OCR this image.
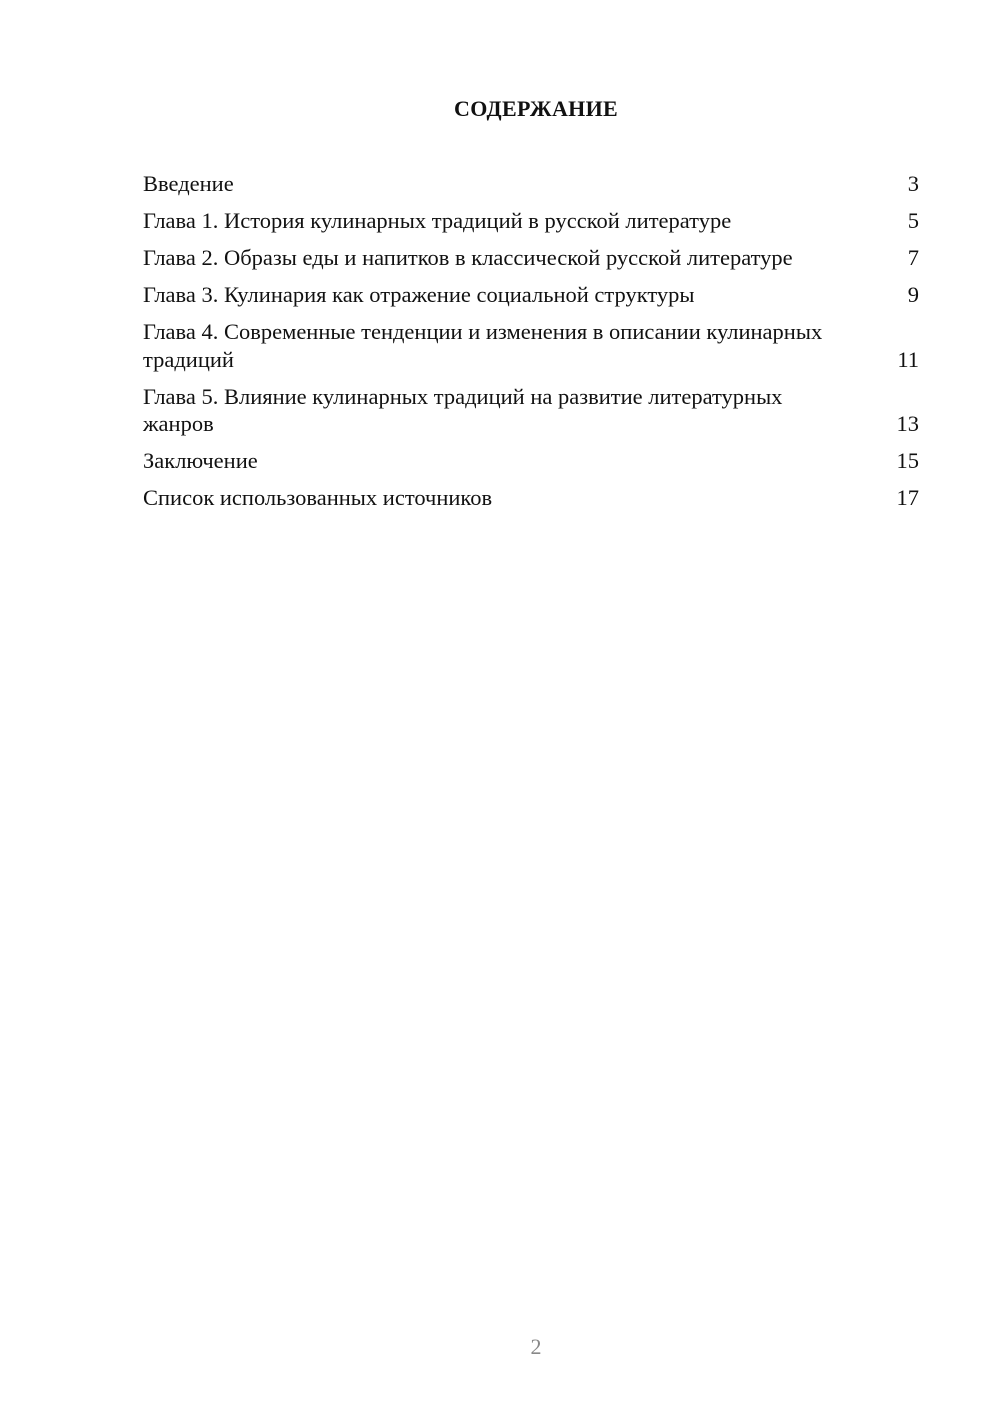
СОДЕРЖАНИЕ
Введение	3
Глава 1. История кулинарных традиций в русской литературе	5
Глава 2. Образы еды и напитков в классической русской литературе	7
Глава 3. Кулинария как отражение социальной структуры	9
Глава 4. Современные тенденции и изменения в описании кулинарных традиций	11
Глава 5. Влияние кулинарных традиций на развитие литературных жанров	13
Заключение	15
Список использованных источников	17
2
